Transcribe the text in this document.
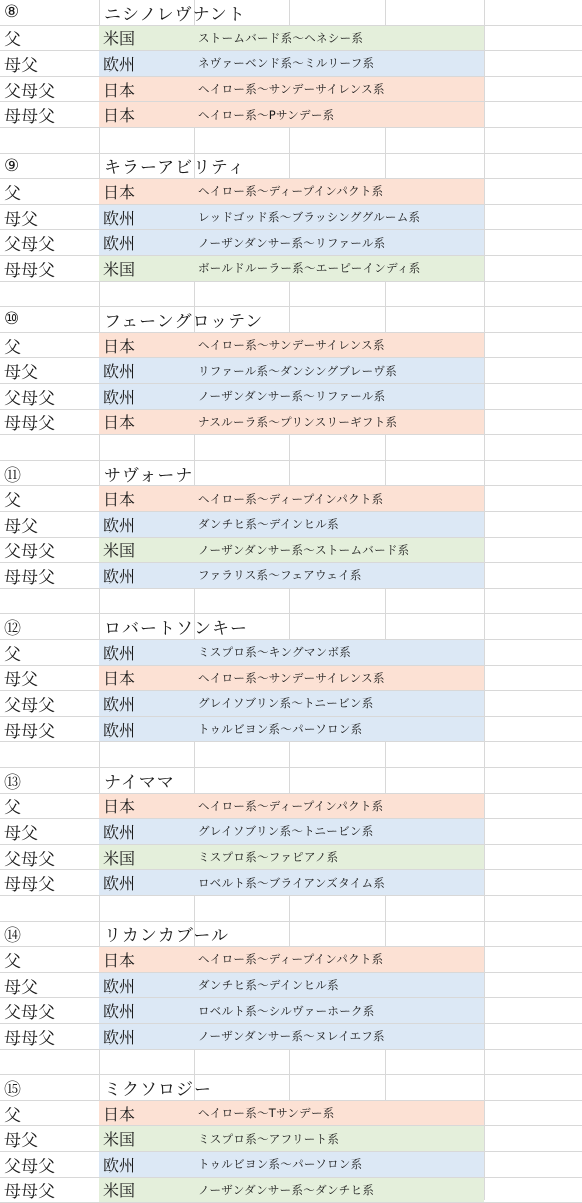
⑧	ニシノレヴナント
父	米国	ストームバード系〜ヘネシー系
母父	欧州	ネヴァーベンド系〜ミルリーフ系
父母父	日本	ヘイロー系〜サンデーサイレンス系
母母父	日本	ヘイロー系〜Pサンデー系
⑨	キラーアビリティ
父	日本	ヘイロー系〜ディープインパクト系
母父	欧州	レッドゴッド系〜ブラッシンググルーム系
父母父	欧州	ノーザンダンサー系〜リファール系
母母父	米国	ボールドルーラー系〜エーピーインディ系
⑩	フェーングロッテン
父	日本	ヘイロー系〜サンデーサイレンス系
母父	欧州	リファール系〜ダンシングブレーヴ系
父母父	欧州	ノーザンダンサー系〜リファール系
母母父	日本	ナスルーラ系〜プリンスリーギフト系
⑪	サヴォーナ
父	日本	ヘイロー系〜ディープインパクト系
母父	欧州	ダンチヒ系〜デインヒル系
父母父	米国	ノーザンダンサー系〜ストームバード系
母母父	欧州	ファラリス系〜フェアウェイ系
⑫	ロバートソンキー
父	欧州	ミスプロ系〜キングマンボ系
母父	日本	ヘイロー系〜サンデーサイレンス系
父母父	欧州	グレイソブリン系〜トニービン系
母母父	欧州	トゥルビヨン系〜パーソロン系
⑬	ナイママ
父	日本	ヘイロー系〜ディープインパクト系
母父	欧州	グレイソブリン系〜トニービン系
父母父	米国	ミスプロ系〜ファピアノ系
母母父	欧州	ロベルト系〜ブライアンズタイム系
⑭	リカンカブール
父	日本	ヘイロー系〜ディープインパクト系
母父	欧州	ダンチヒ系〜デインヒル系
父母父	欧州	ロベルト系〜シルヴァーホーク系
母母父	欧州	ノーザンダンサー系〜ヌレイエフ系
⑮	ミクソロジー
父	日本	ヘイロー系〜Tサンデー系
母父	米国	ミスプロ系〜アフリート系
父母父	欧州	トゥルビヨン系〜パーソロン系
母母父	米国	ノーザンダンサー系〜ダンチヒ系
